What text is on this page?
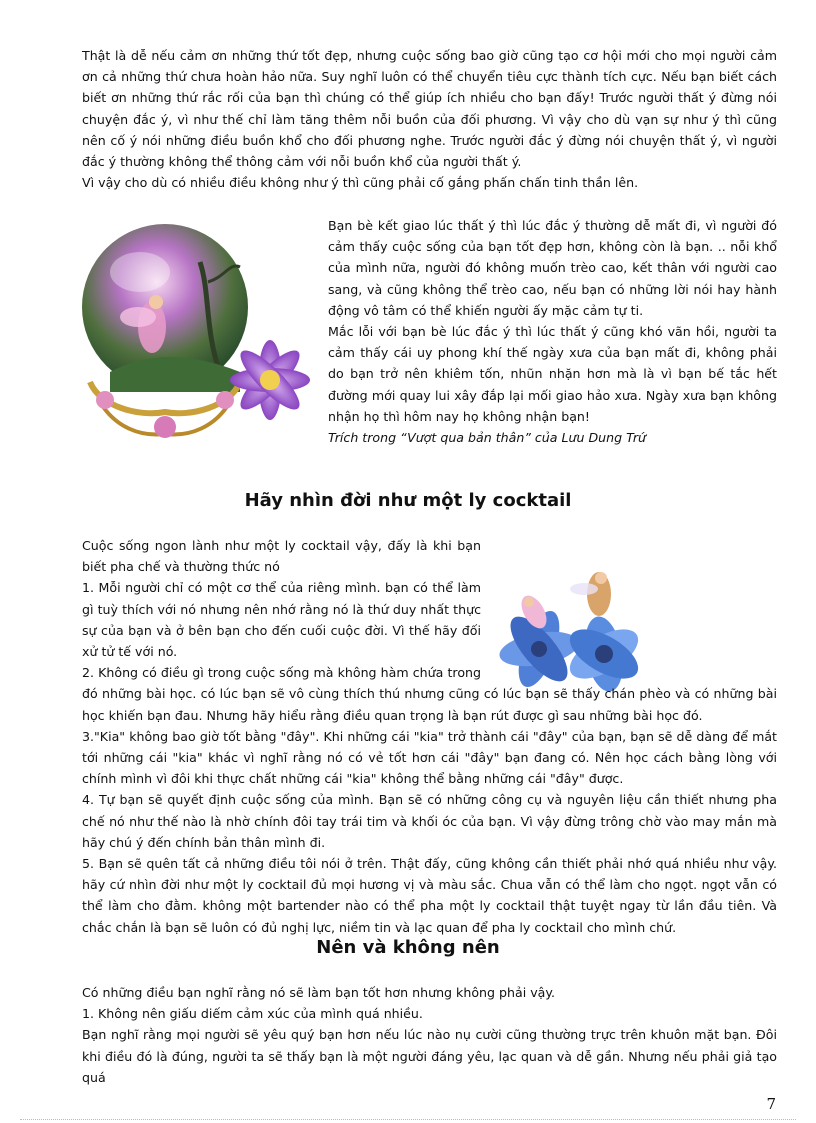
Thật là dễ nếu cảm ơn những thứ tốt đẹp, nhưng cuộc sống bao giờ cũng tạo cơ hội mới cho mọi người cảm ơn cả những thứ chưa hoàn hảo nữa. Suy nghĩ luôn có thể chuyển tiêu cực thành tích cực. Nếu bạn biết cách biết ơn những thứ rắc rối của bạn thì chúng có thể giúp ích nhiều cho bạn đấy! Trước người thất ý đừng nói chuyện đắc ý, vì như thế chỉ làm tăng thêm nỗi buồn của đối phương. Vì vậy cho dù vạn sự như ý thì cũng nên cố ý nói những điều buồn khổ cho đối phương nghe. Trước người đắc ý đừng nói chuyện thất ý, vì người đắc ý thường không thể thông cảm với nỗi buồn khổ của người thất ý.

Vì vậy cho dù có nhiều điều không như ý thì cũng phải cố gắng phấn chấn tinh thần lên.

Bạn bè kết giao lúc thất ý thì lúc đắc ý thường dễ mất đi, vì người đó cảm thấy cuộc sống của bạn tốt đẹp hơn, không còn là bạn. .. nỗi khổ của mình nữa, người đó không muốn trèo cao, kết thân với người cao sang, và cũng không thể trèo cao, nếu bạn có những lời nói hay hành động vô tâm có thể khiến người ấy mặc cảm tự ti.

Mắc lỗi với bạn bè lúc đắc ý thì lúc thất ý cũng khó vãn hồi, người ta cảm thấy cái uy phong khí thế ngày xưa của bạn mất đi, không phải do bạn trở nên khiêm tốn, nhũn nhặn hơn mà là vì bạn bế tắc hết đường mới quay lui xây đắp lại mối giao hảo xưa. Ngày xưa bạn không nhận họ thì hôm nay họ không nhận bạn!

Trích trong “Vượt qua bản thân” của Lưu Dung Trứ

Hãy nhìn đời như một ly cocktail

Cuộc sống ngon lành như một ly cocktail vậy, đấy là khi bạn biết pha chế và thường thức nó

1. Mỗi người chỉ có một cơ thể của riêng mình. bạn có thể làm gì tuỳ thích với nó nhưng nên nhớ rằng nó là thứ duy nhất thực sự của bạn và ở bên bạn cho đến cuối cuộc đời. Vì thế hãy đối xử tử tế với nó.

2. Không có điều gì trong cuộc sống mà không hàm chứa trong đó những bài học. có lúc bạn sẽ vô cùng thích thú nhưng cũng có lúc bạn sẽ thấy chán phèo và có những bài học khiến bạn đau. Nhưng hãy hiểu rằng điều quan trọng là bạn rút được gì sau những bài học đó.

3."Kia" không bao giờ tốt bằng "đây". Khi những cái "kia" trở thành cái "đây" của bạn, bạn sẽ dễ dàng để mắt tới những cái "kia" khác vì nghĩ rằng nó có vẻ tốt hơn cái "đây" bạn đang có. Nên học cách bằng lòng với chính mình vì đôi khi thực chất những cái "kia" không thể bằng những cái "đây" được.

4. Tự bạn sẽ quyết định cuộc sống của mình. Bạn sẽ có những công cụ và nguyên liệu cần thiết nhưng pha chế nó như thế nào là nhờ chính đôi tay trái tim và khối óc của bạn. Vì vậy đừng trông chờ vào may mắn mà hãy chú ý đến chính bản thân mình đi.

5. Bạn sẽ quên tất cả những điều tôi nói ở trên. Thật đấy, cũng không cần thiết phải nhớ quá nhiều như vậy. hãy cứ nhìn đời như một ly cocktail đủ mọi hương vị và màu sắc. Chua vẫn có thể làm cho ngọt. ngọt vẫn có thể làm cho đằm. không một bartender nào có thể pha một ly cocktail thật tuyệt ngay từ lần đầu tiên. Và chắc chắn là bạn sẽ luôn có đủ nghị lực, niềm tin và lạc quan để pha ly cocktail cho mình chứ.

Nên và không nên

Có những điều bạn nghĩ rằng nó sẽ làm bạn tốt hơn nhưng không phải vậy.

1. Không nên giấu diếm cảm xúc của mình quá nhiều.

Bạn nghĩ rằng mọi người sẽ yêu quý bạn hơn nếu lúc nào nụ cười cũng thường trực trên khuôn mặt bạn. Đôi khi điều đó là đúng, người ta sẽ thấy bạn là một người đáng yêu, lạc quan và dễ gần. Nhưng nếu phải giả tạo quá

7
